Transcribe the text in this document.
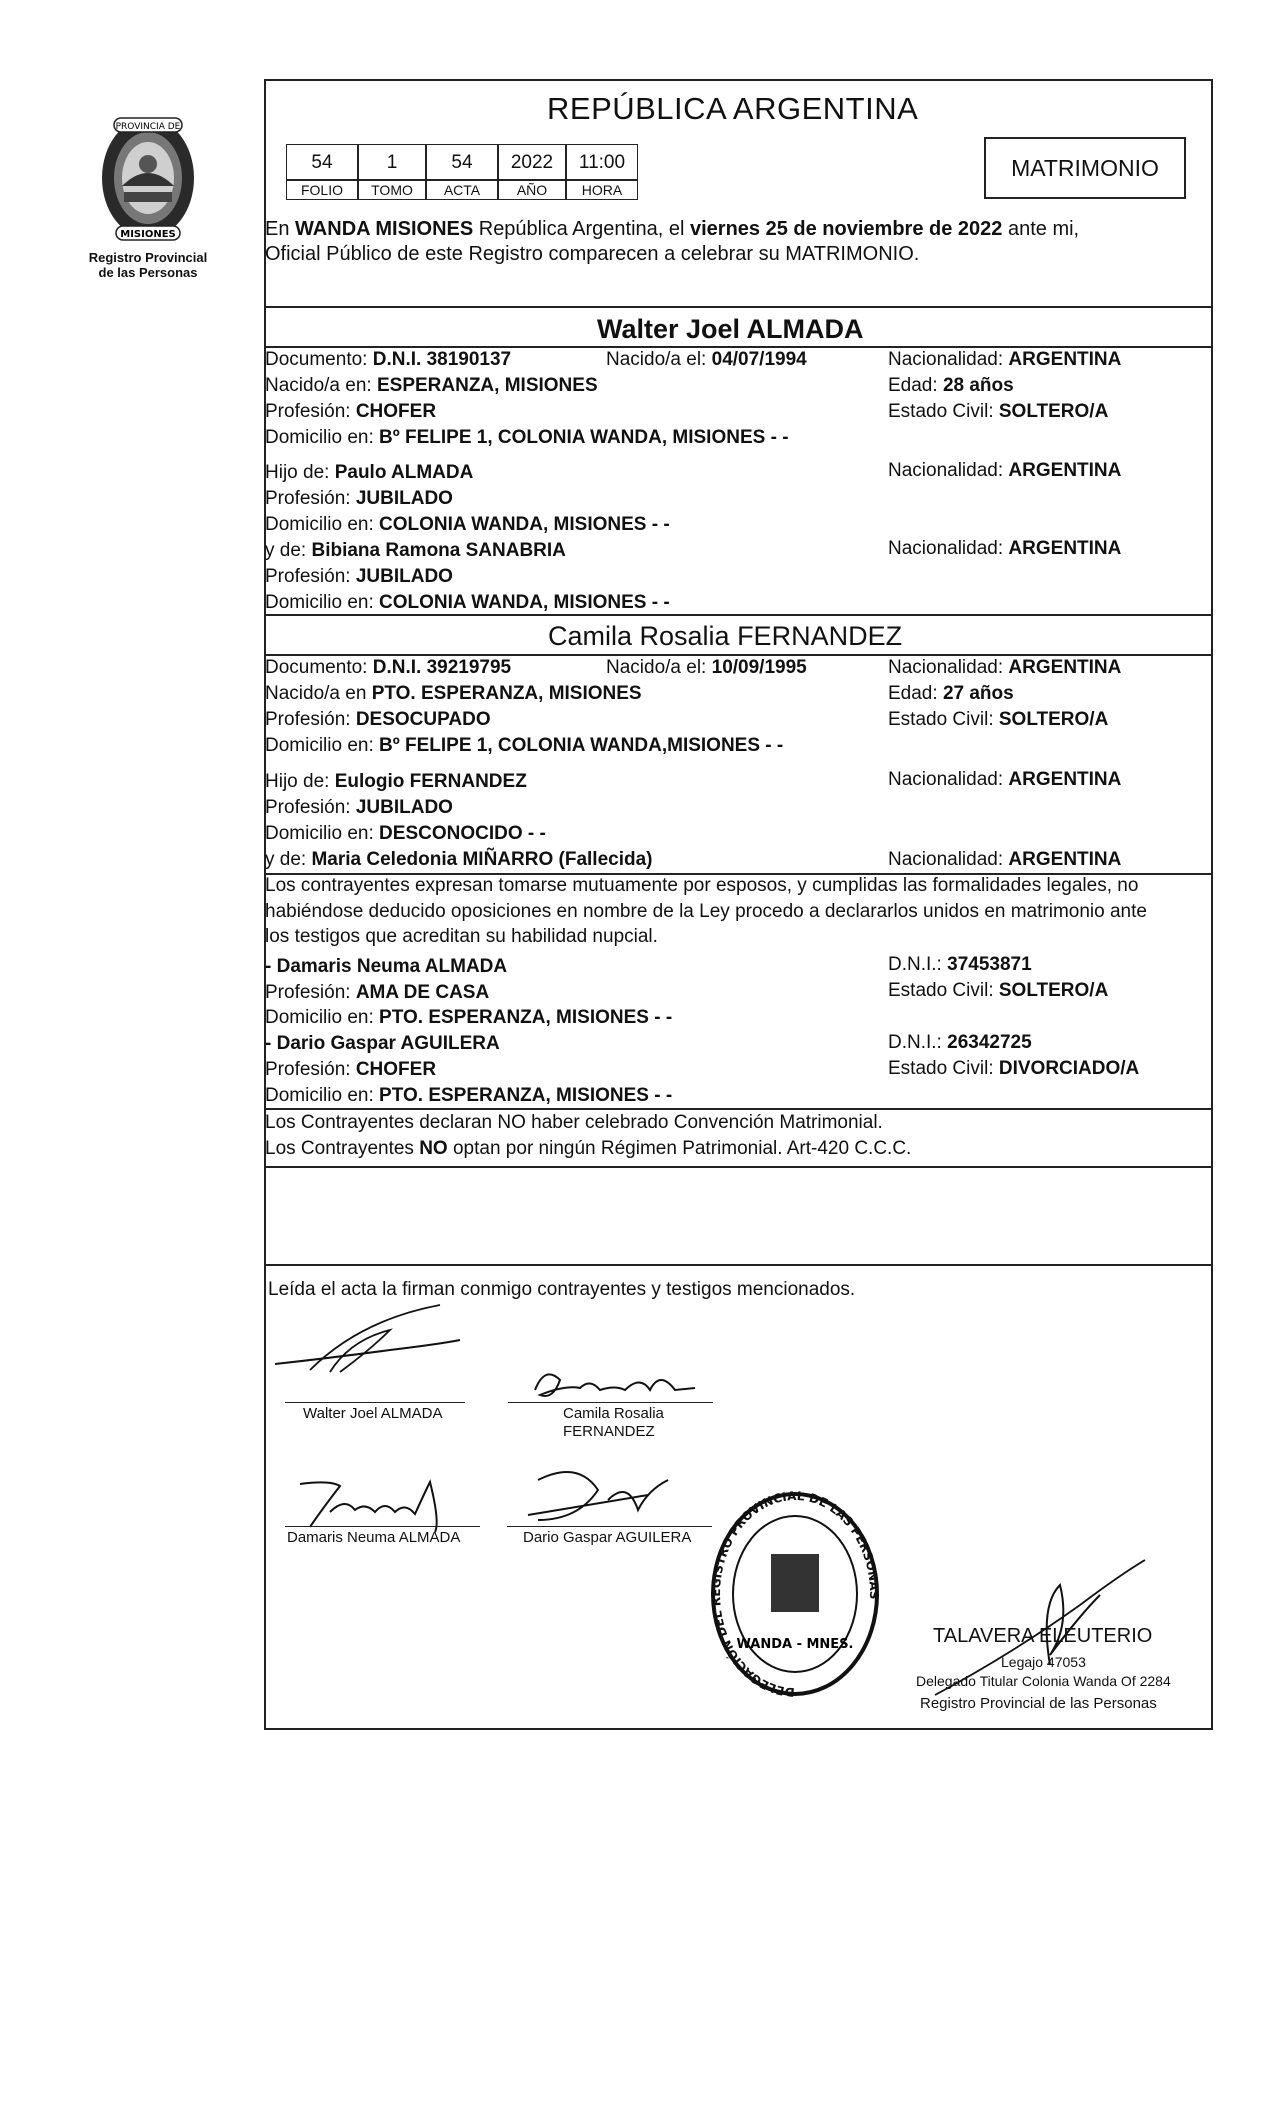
PROVINCIA DE
MISIONES
Registro Provincial
de las Personas
REPÚBLICA ARGENTINA
54	1	54	2022	11:00
FOLIO	TOMO	ACTA	AÑO	HORA
MATRIMONIO
En WANDA MISIONES República Argentina, el viernes 25 de noviembre de 2022 ante mi,
Oficial Público de este Registro comparecen a celebrar su MATRIMONIO.
Walter Joel ALMADA
Documento: D.N.I. 38190137	Nacido/a el: 04/07/1994	Nacionalidad: ARGENTINA
Nacido/a en: ESPERANZA, MISIONES	Edad: 28 años
Profesión: CHOFER	Estado Civil: SOLTERO/A
Domicilio en: Bº FELIPE 1, COLONIA WANDA, MISIONES - -
Hijo de: Paulo ALMADA	Nacionalidad: ARGENTINA
Profesión: JUBILADO
Domicilio en: COLONIA WANDA, MISIONES - -
y de: Bibiana Ramona SANABRIA	Nacionalidad: ARGENTINA
Profesión: JUBILADO
Domicilio en: COLONIA WANDA, MISIONES - -
Camila Rosalia FERNANDEZ
Documento: D.N.I. 39219795	Nacido/a el: 10/09/1995	Nacionalidad: ARGENTINA
Nacido/a en PTO. ESPERANZA, MISIONES	Edad: 27 años
Profesión: DESOCUPADO	Estado Civil: SOLTERO/A
Domicilio en: Bº FELIPE 1, COLONIA WANDA,MISIONES - -
Hijo de: Eulogio FERNANDEZ	Nacionalidad: ARGENTINA
Profesión: JUBILADO
Domicilio en: DESCONOCIDO - -
y de: Maria Celedonia MIÑARRO (Fallecida)	Nacionalidad: ARGENTINA
Los contrayentes expresan tomarse mutuamente por esposos, y cumplidas las formalidades legales, no
habiéndose deducido oposiciones en nombre de la Ley procedo a declararlos unidos en matrimonio ante
los testigos que acreditan su habilidad nupcial.
- Damaris Neuma ALMADA	D.N.I.: 37453871
Profesión: AMA DE CASA	Estado Civil: SOLTERO/A
Domicilio en: PTO. ESPERANZA, MISIONES - -
- Dario Gaspar AGUILERA	D.N.I.: 26342725
Profesión: CHOFER	Estado Civil: DIVORCIADO/A
Domicilio en: PTO. ESPERANZA, MISIONES - -
Los Contrayentes declaran NO haber celebrado Convención Matrimonial.
Los Contrayentes NO optan por ningún Régimen Patrimonial. Art-420 C.C.C.
Leída el acta la firman conmigo contrayentes y testigos mencionados.
Walter Joel ALMADA	Camila Rosalia
FERNANDEZ
Damaris Neuma ALMADA	Dario Gaspar AGUILERA
DELEGACIÓN DEL REGISTRO PROVINCIAL DE LAS PERSONAS
WANDA - MNES.	TALAVERA ELEUTERIO
Legajo 47053
Delegado Titular Colonia Wanda Of 2284
Registro Provincial de las Personas
